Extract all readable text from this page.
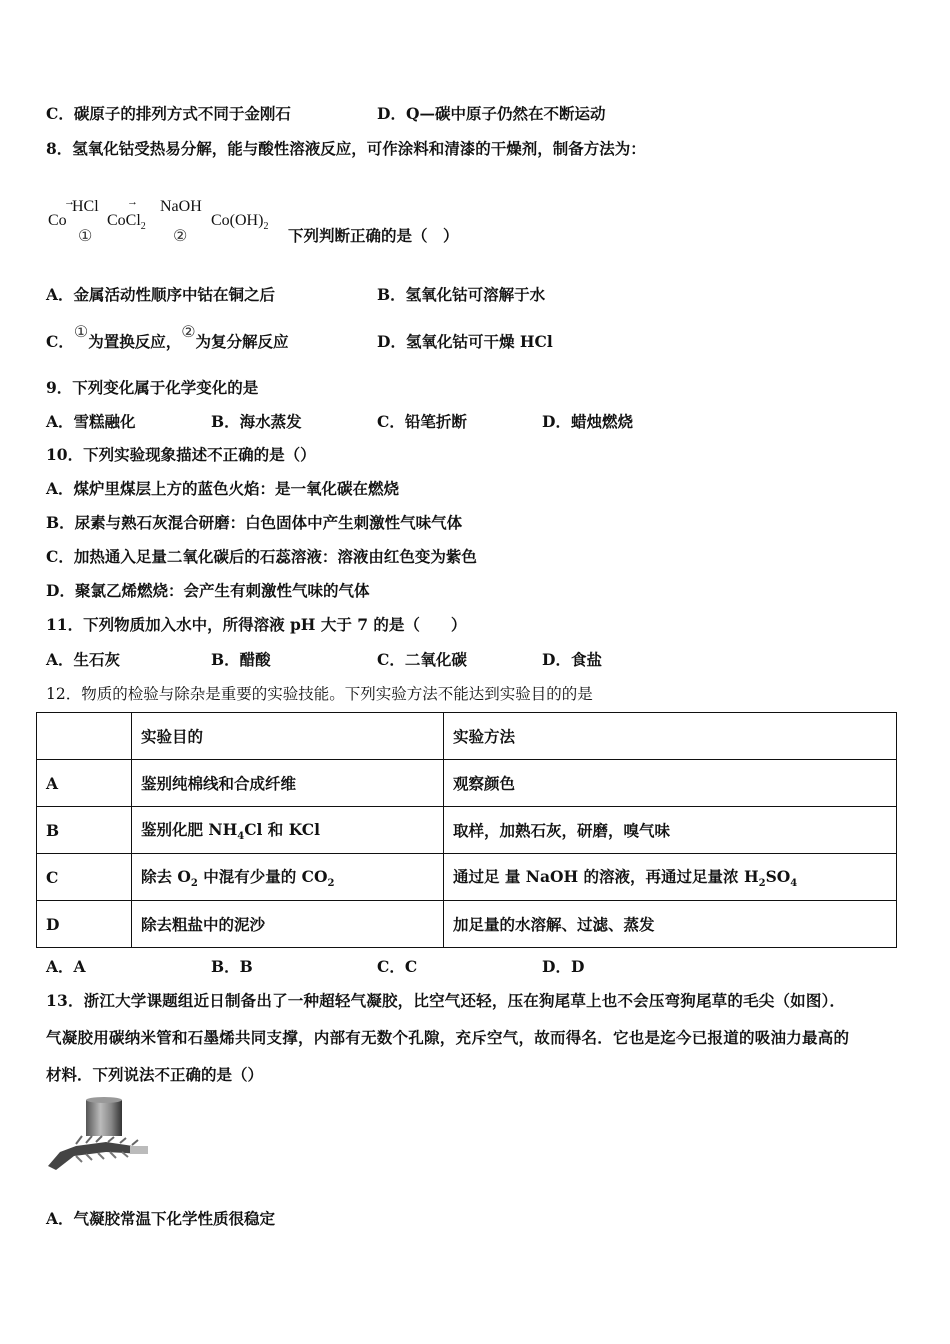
C．碳原子的排列方式不同于金刚石	D．Q—碳中原子仍然在不断运动
8．氢氧化钴受热易分解，能与酸性溶液反应，可作涂料和清漆的干燥剂，制备方法为：
Co
→
HCl
①
CoCl$_2$
→ NaOH
②
$Co(OH)_2$ 下列判断正确的是（　）
A．金属活动性顺序中钴在铜之后	B．氢氧化钴可溶解于水
C．①为置换反应，②为复分解反应	D．氢氧化钴可干燥 HCl
9．下列变化属于化学变化的是
A．雪糕融化	B．海水蒸发	C．铅笔折断	D．蜡烛燃烧
10．下列实验现象描述不正确的是（）
A．煤炉里煤层上方的蓝色火焰：是一氧化碳在燃烧
B．尿素与熟石灰混合研磨：白色固体中产生刺激性气味气体
C．加热通入足量二氧化碳后的石蕊溶液：溶液由红色变为紫色
D．聚氯乙烯燃烧：会产生有刺激性气味的气体
11．下列物质加入水中，所得溶液 pH 大于 7 的是（　　）
A．生石灰	B．醋酸	C．二氧化碳	D．食盐
12．物质的检验与除杂是重要的实验技能。下列实验方法不能达到实验目的的是
	实验目的	实验方法
A	鉴别纯棉线和合成纤维	观察颜色
B	鉴别化肥 $NH_4Cl$ 和 KCl	取样，加熟石灰，研磨，嗅气味
C	除去 $O_2$ 中混有少量的 $CO_2$	通过足 量 NaOH 的溶液，再通过足量浓 $H_2SO_4$
D	除去粗盐中的泥沙	加足量的水溶解、过滤、蒸发
A．A	B．B	C．C	D．D
13．浙江大学课题组近日制备出了一种超轻气凝胶，比空气还轻，压在狗尾草上也不会压弯狗尾草的毛尖（如图）．
气凝胶用碳纳米管和石墨烯共同支撑，内部有无数个孔隙，充斥空气，故而得名．它也是迄今已报道的吸油力最高的
材料．下列说法不正确的是（）
A．气凝胶常温下化学性质很稳定
